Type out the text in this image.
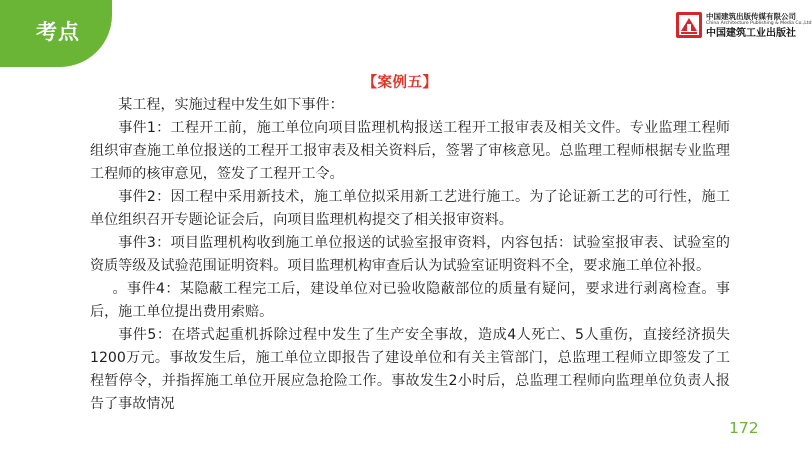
考点
中国建筑出版传媒有限公司
China Architecture Publishing & Media Co.,Ltd
中国建筑工业出版社
【案例五】

某工程，实施过程中发生如下事件：

事件1：工程开工前，施工单位向项目监理机构报送工程开工报审表及相关文件。专业监理工程师组织审查施工单位报送的工程开工报审表及相关资料后，签署了审核意见。总监理工程师根据专业监理工程师的核审意见，签发了工程开工令。

事件2：因工程中采用新技术，施工单位拟采用新工艺进行施工。为了论证新工艺的可行性，施工单位组织召开专题论证会后，向项目监理机构提交了相关报审资料。

事件3：项目监理机构收到施工单位报送的试验室报审资料，内容包括：试验室报审表、试验室的资质等级及试验范围证明资料。项目监理机构审查后认为试验室证明资料不全，要求施工单位补报。

。事件4：某隐蔽工程完工后，建设单位对已验收隐蔽部位的质量有疑问，要求进行剥离检查。事后，施工单位提出费用索赔。

事件5：在塔式起重机拆除过程中发生了生产安全事故，造成4人死亡、5人重伤，直接经济损失1200万元。事故发生后，施工单位立即报告了建设单位和有关主管部门，总监理工程师立即签发了工程暂停令，并指挥施工单位开展应急抢险工作。事故发生2小时后，总监理工程师向监理单位负责人报告了事故情况

172
